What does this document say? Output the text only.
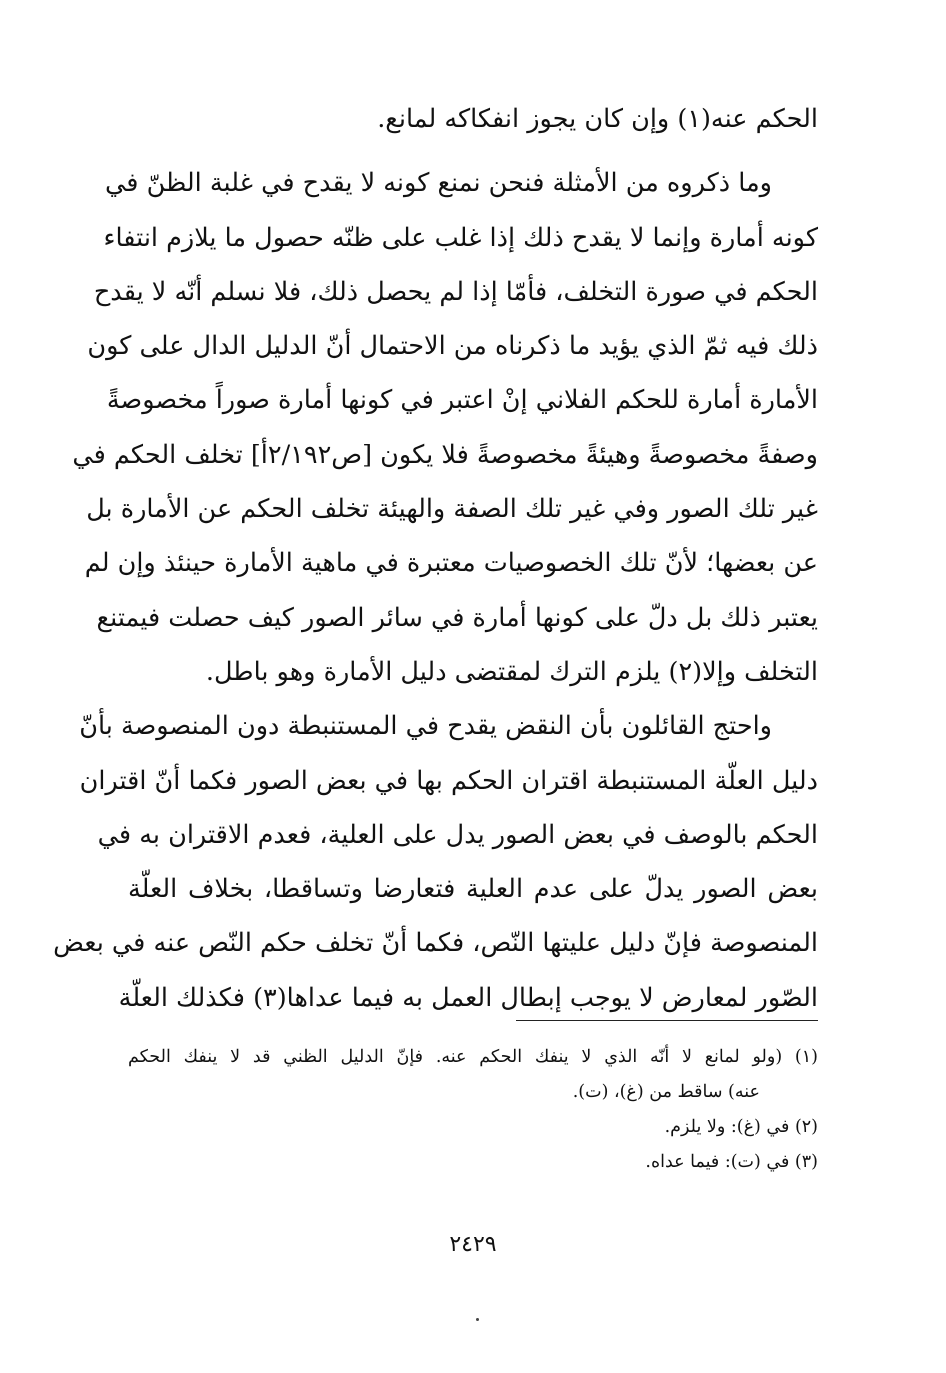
الحكم عنه(١) وإن كان يجوز انفكاكه لمانع.
وما ذكروه من الأمثلة فنحن نمنع كونه لا يقدح في غلبة الظنّ في
كونه أمارة وإنما لا يقدح ذلك إذا غلب على ظنّه حصول ما يلازم انتفاء
الحكم في صورة التخلف، فأمّا إذا لم يحصل ذلك، فلا نسلم أنّه لا يقدح
ذلك فيه ثمّ الذي يؤيد ما ذكرناه من الاحتمال أنّ الدليل الدال على كون
الأمارة أمارة للحكم الفلاني إنْ اعتبر في كونها أمارة صوراً مخصوصةً
وصفةً مخصوصةً وهيئةً مخصوصةً فلا يكون [ص٢/١٩٢أ] تخلف الحكم في
غير تلك الصور وفي غير تلك الصفة والهيئة تخلف الحكم عن الأمارة بل
عن بعضها؛ لأنّ تلك الخصوصيات معتبرة في ماهية الأمارة حينئذ وإن لم
يعتبر ذلك بل دلّ على كونها أمارة في سائر الصور كيف حصلت فيمتنع
التخلف وإلا(٢) يلزم الترك لمقتضى دليل الأمارة وهو باطل.
واحتج القائلون بأن النقض يقدح في المستنبطة دون المنصوصة بأنّ
دليل العلّة المستنبطة اقتران الحكم بها في بعض الصور فكما أنّ اقتران
الحكم بالوصف في بعض الصور يدل على العلية، فعدم الاقتران به في
بعض الصور يدلّ على عدم العلية فتعارضا وتساقطا، بخلاف العلّة
المنصوصة فإنّ دليل عليتها النّص، فكما أنّ تخلف حكم النّص عنه في بعض
الصّور لمعارض لا يوجب إبطال العمل به فيما عداها(٣) فكذلك العلّة
(١) (ولو لمانع لا أنّه الذي لا ينفك الحكم عنه. فإنّ الدليل الظني قد لا ينفك الحكم
عنه) ساقط من (غ)، (ت).
(٢) في (غ): ولا يلزم.
(٣) في (ت): فيما عداه.
٢٤٢٩
